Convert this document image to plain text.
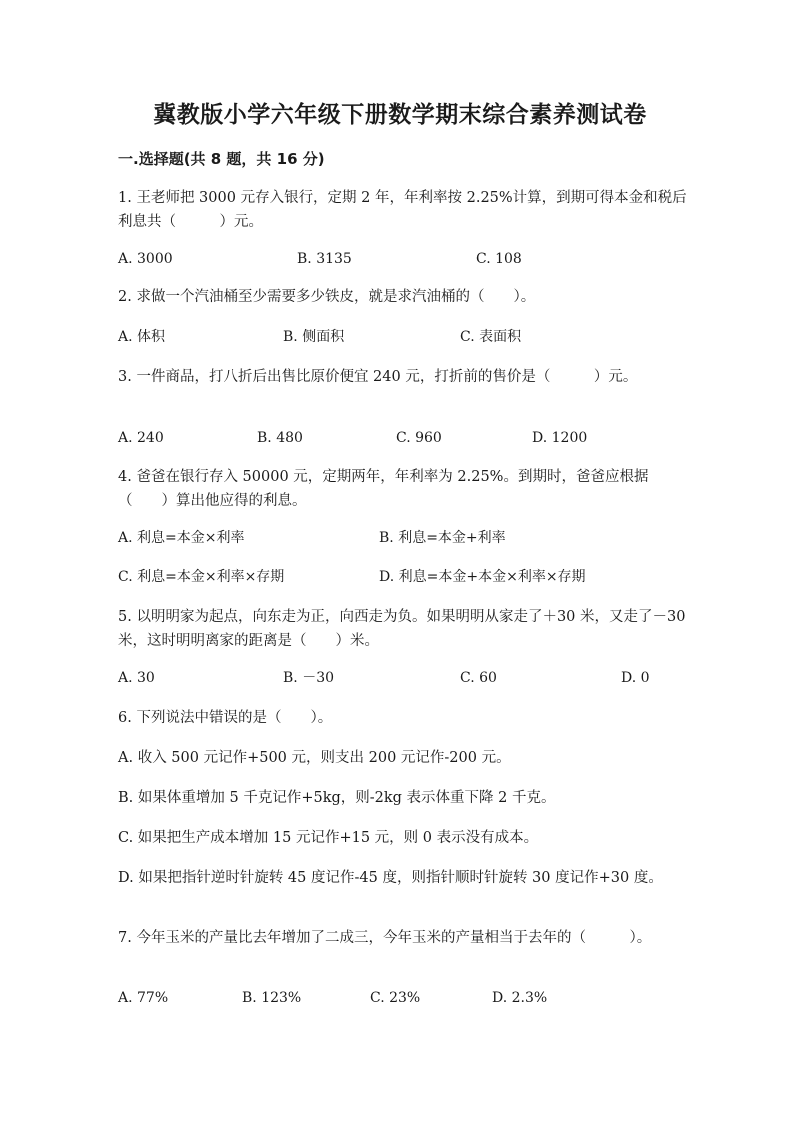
冀教版小学六年级下册数学期末综合素养测试卷
一.选择题(共 8 题，共 16 分)
1. 王老师把 3000 元存入银行，定期 2 年，年利率按 2.25%计算，到期可得本金和税后利息共（　　　）元。
A. 3000	B. 3135	C. 108
2. 求做一个汽油桶至少需要多少铁皮，就是求汽油桶的（　　）。
A. 体积	B. 侧面积	C. 表面积
3. 一件商品，打八折后出售比原价便宜 240 元，打折前的售价是（　　　）元。
A. 240	B. 480	C. 960	D. 1200
4. 爸爸在银行存入 50000 元，定期两年，年利率为 2.25%。到期时，爸爸应根据（　　）算出他应得的利息。
A. 利息=本金×利率	B. 利息=本金+利率
C. 利息=本金×利率×存期	D. 利息=本金+本金×利率×存期
5. 以明明家为起点，向东走为正，向西走为负。如果明明从家走了＋30 米，又走了－30 米，这时明明离家的距离是（　　）米。
A. 30	B. －30	C. 60	D. 0
6. 下列说法中错误的是（　　）。
A. 收入 500 元记作+500 元，则支出 200 元记作-200 元。
B. 如果体重增加 5 千克记作+5kg，则-2kg 表示体重下降 2 千克。
C. 如果把生产成本增加 15 元记作+15 元，则 0 表示没有成本。
D. 如果把指针逆时针旋转 45 度记作-45 度，则指针顺时针旋转 30 度记作+30 度。
7. 今年玉米的产量比去年增加了二成三，今年玉米的产量相当于去年的（　　　）。
A. 77%	B. 123%	C. 23%	D. 2.3%
